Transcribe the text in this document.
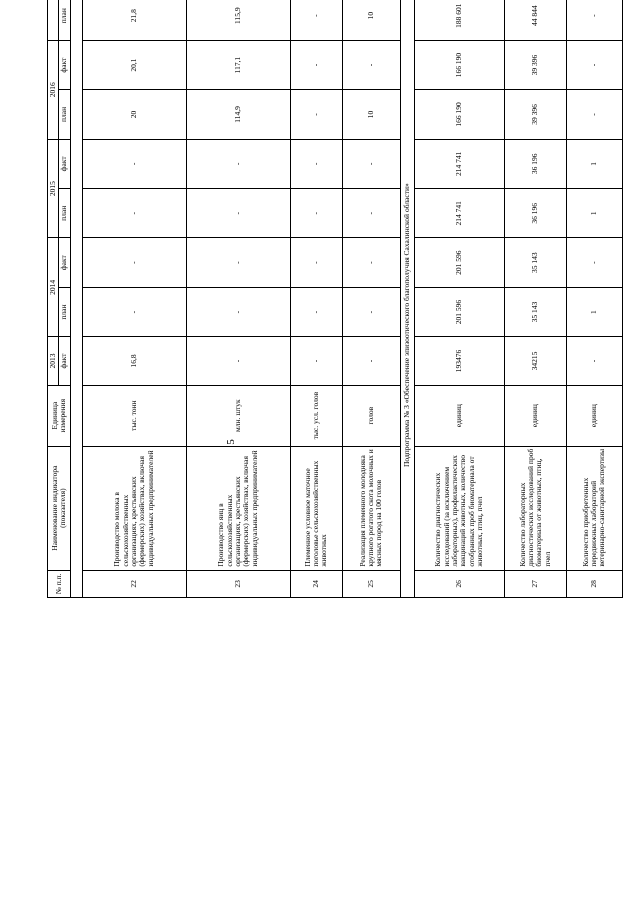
5
№ п.п.	Наименование индикатора (показателя)	Единица измерения	2013	2014		2015		2016				
			факт	план	факт	план	факт	план	факт	план				

22	Производство молока в сельскохозяйственных организациях, крестьянских (фермерских) хозяйствах, включая индивидуальных предпринимателей	тыс. тонн	16,8	-	-	-	-	20	20,1	21,8				
23	Производство яиц в сельскохозяйственных организациях, крестьянских (фермерских) хозяйствах, включая индивидуальных предпринимателей	млн. штук	-	-	-	-	-	114,9	117,1	115,9				
24	Племенное условное маточное поголовье сельскохозяйственных животных	тыс. усл. голов	-	-	-	-	-	-	-	-				
25	Реализация племенного молодняка крупного рогатого скота молочных и мясных пород на 100 голов	голов	-	-	-	-	-	10	-	10				
Подпрограмма № 3 «Обеспечение эпизоотического благополучия Сахалинской области»														
26	Количество диагностических исследований (за исключением лабораторных), профилактических вакцинаций животных, количество отобранных проб биоматериала от животных, птиц, пчел	единиц	193476	201 596	201 596	214 741	214 741	166 190	166 190	188 601				
27	Количество лабораторных диагностических исследований проб биоматериала от животных, птиц, пчел	единиц	34215	35 143	35 143	36 196	36 196	39 396	39 396	44 844				
28	Количество приобретенных передвижных лабораторий ветеринарно-санитарной экспертизы	единиц	-	1	-	1	1	-	-	-				
